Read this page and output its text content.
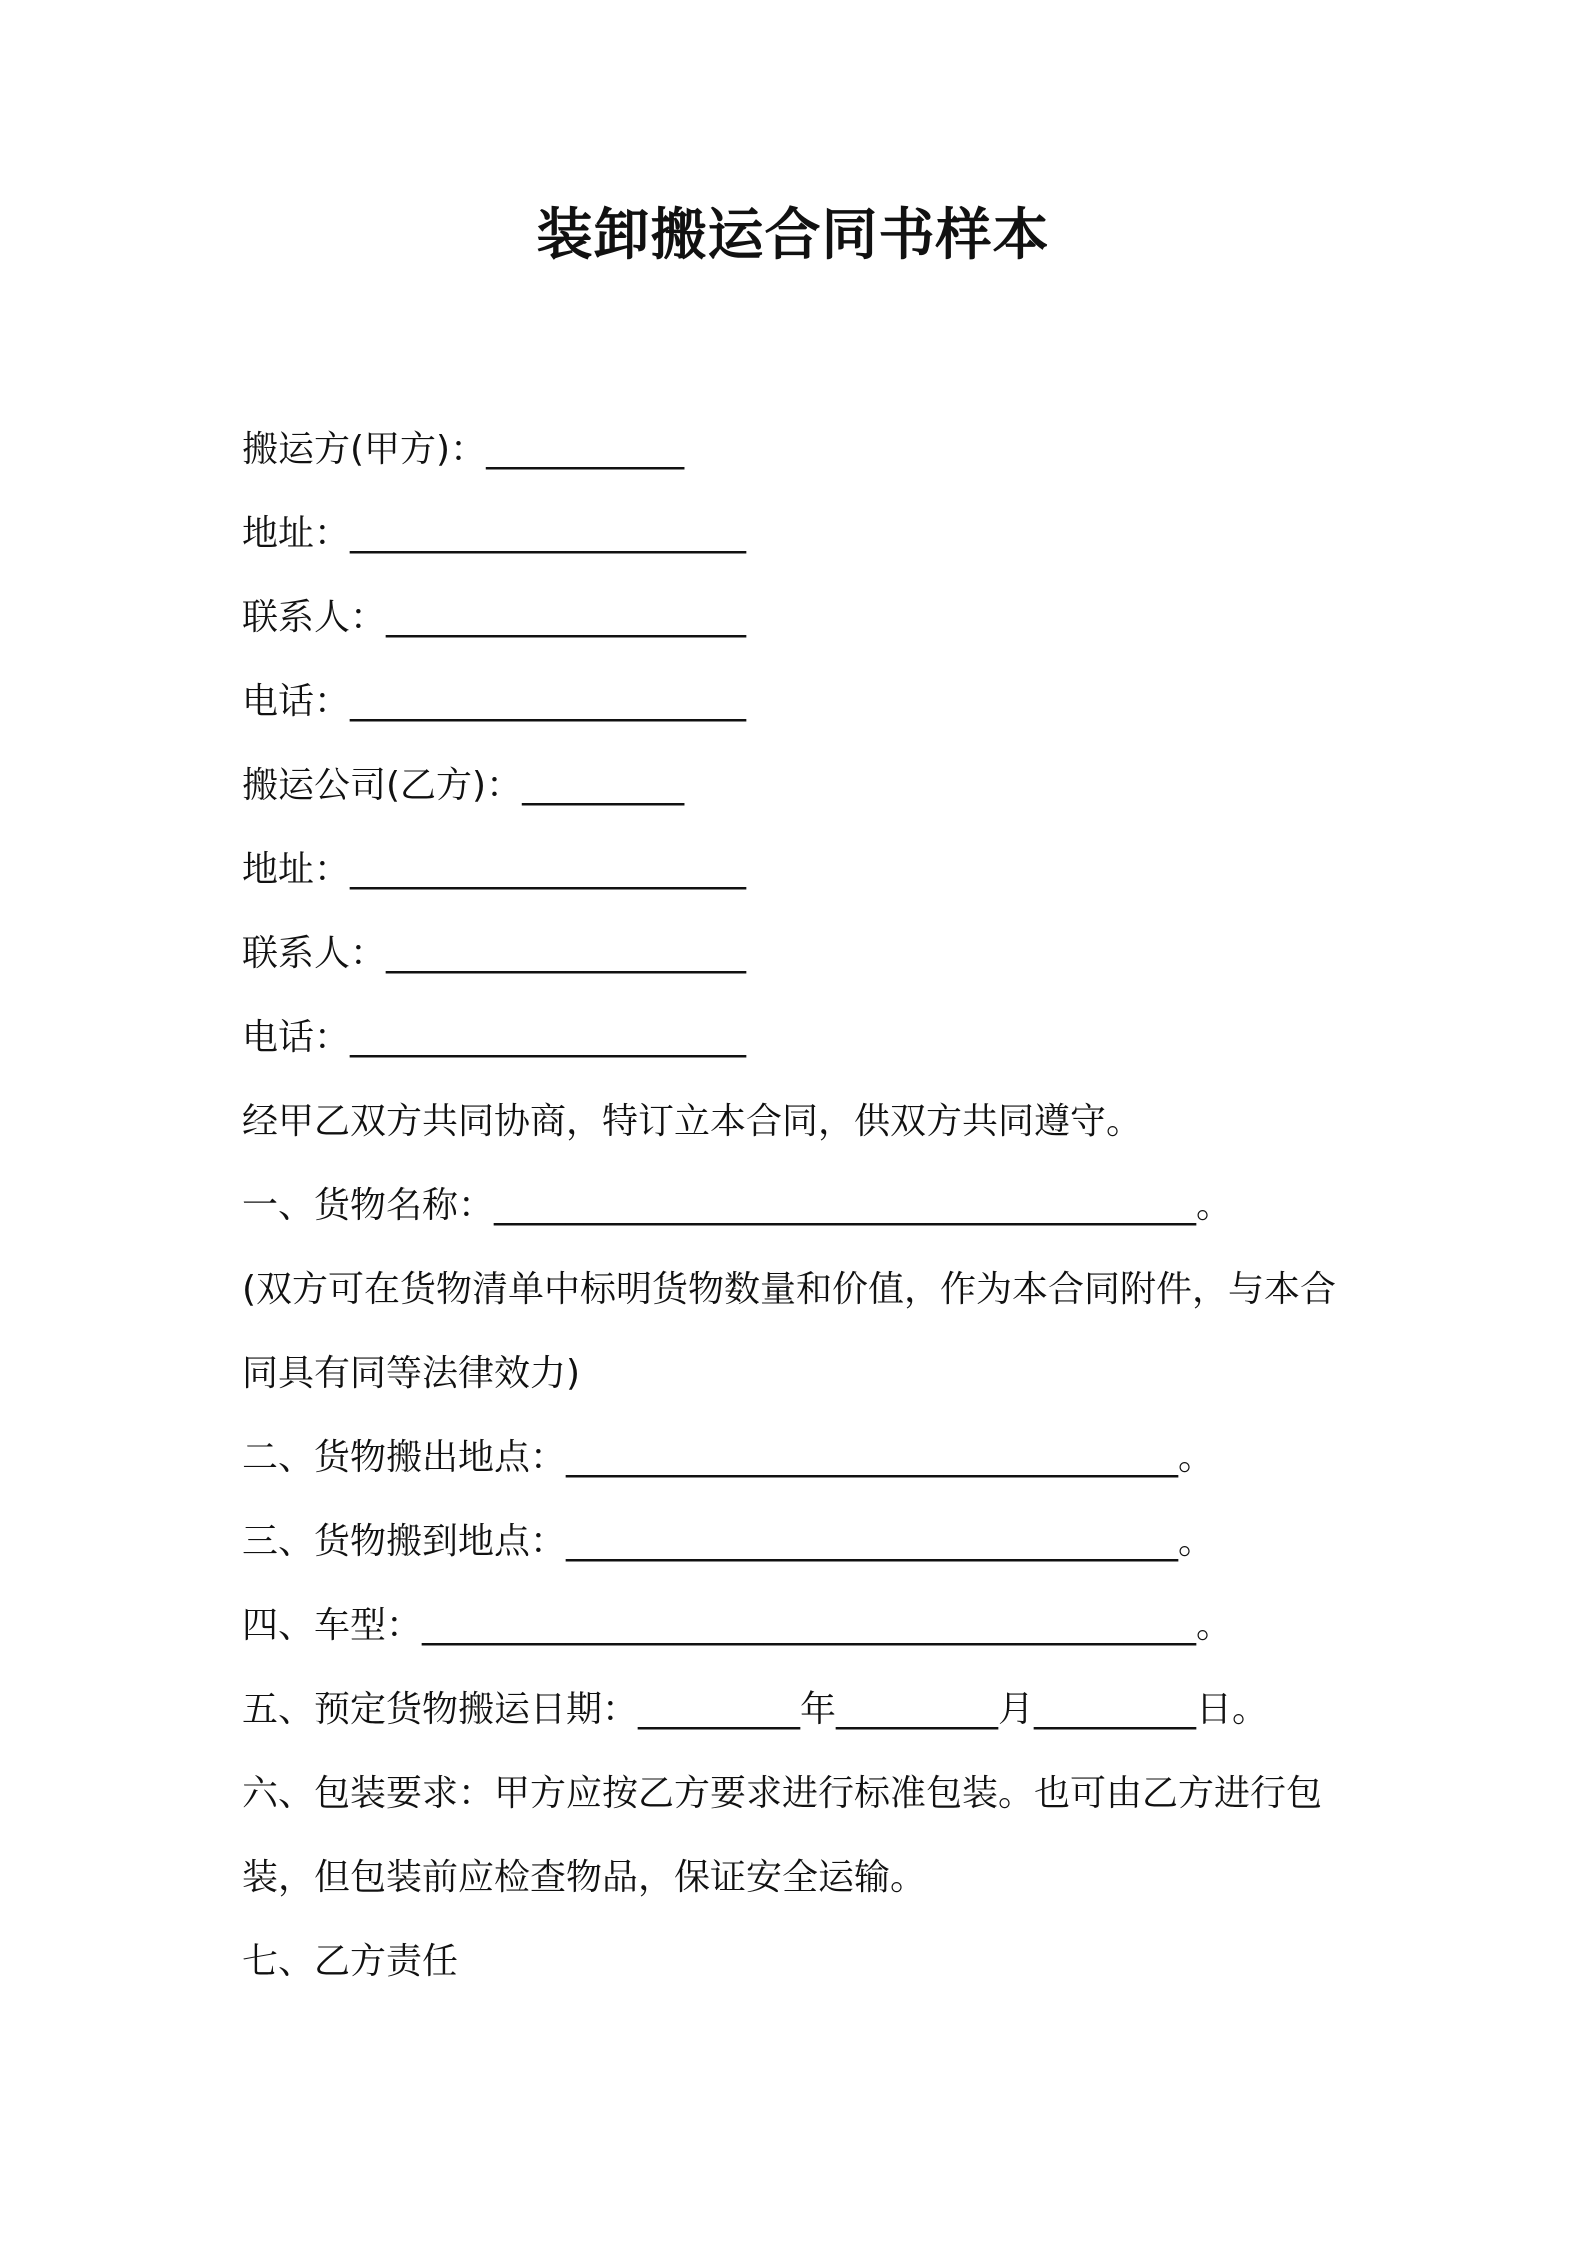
装卸搬运合同书样本
搬运方(甲方)：___________
地址：______________________
联系人：____________________
电话：______________________
搬运公司(乙方)：_________
地址：______________________
联系人：____________________
电话：______________________
经甲乙双方共同协商，特订立本合同，供双方共同遵守。
一、货物名称：_______________________________________。
(双方可在货物清单中标明货物数量和价值，作为本合同附件，与本合同具有同等法律效力)
二、货物搬出地点：__________________________________。
三、货物搬到地点：__________________________________。
四、车型：___________________________________________。
五、预定货物搬运日期：_________年_________月_________日。
六、包装要求：甲方应按乙方要求进行标准包装。也可由乙方进行包装，但包装前应检查物品，保证安全运输。
七、乙方责任
